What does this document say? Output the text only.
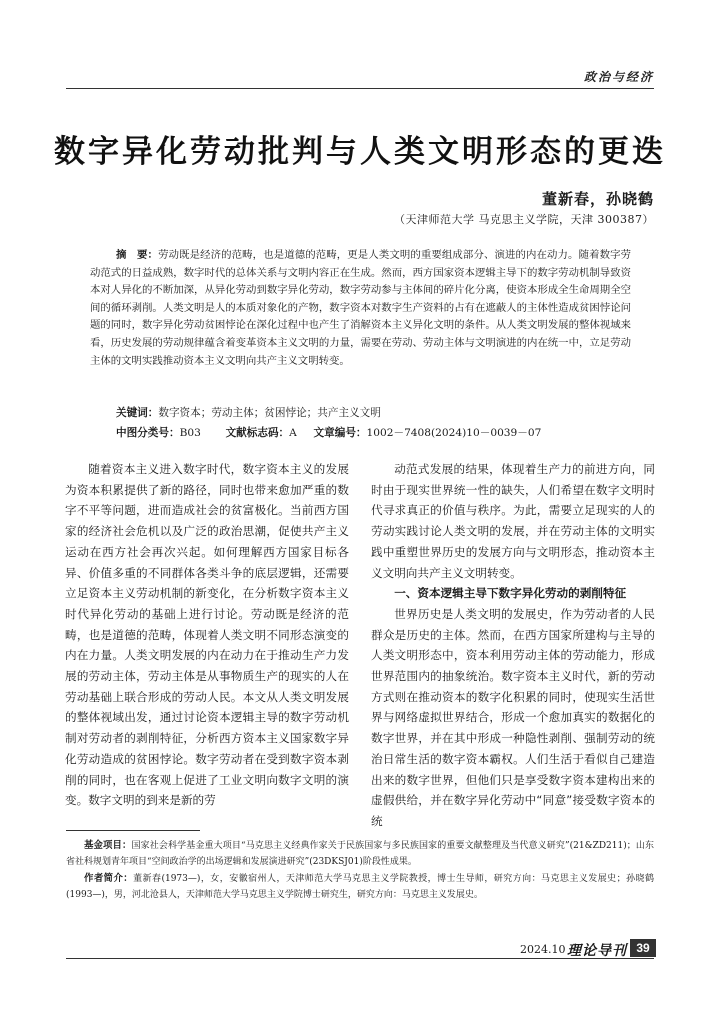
政治与经济
数字异化劳动批判与人类文明形态的更迭
董新春，孙晓鹤
（天津师范大学 马克思主义学院，天津 300387）
摘　要：劳动既是经济的范畴，也是道德的范畴，更是人类文明的重要组成部分、演进的内在动力。随着数字劳动范式的日益成熟，数字时代的总体关系与文明内容正在生成。然而，西方国家资本逻辑主导下的数字劳动机制导致资本对人异化的不断加深，从异化劳动到数字异化劳动，数字劳动参与主体间的碎片化分离，使资本形成全生命周期全空间的循环剥削。人类文明是人的本质对象化的产物，数字资本对数字生产资料的占有在遮蔽人的主体性造成贫困悖论问题的同时，数字异化劳动贫困悖论在深化过程中也产生了消解资本主义异化文明的条件。从人类文明发展的整体视域来看，历史发展的劳动规律蕴含着变革资本主义文明的力量，需要在劳动、劳动主体与文明演进的内在统一中，立足劳动主体的文明实践推动资本主义文明向共产主义文明转变。
关键词：数字资本；劳动主体；贫困悖论；共产主义文明
中图分类号：B03 文献标志码：A 文章编号：1002－7408(2024)10－0039－07

随着资本主义进入数字时代，数字资本主义的发展为资本积累提供了新的路径，同时也带来愈加严重的数字不平等问题，进而造成社会的贫富极化。当前西方国家的经济社会危机以及广泛的政治思潮，促使共产主义运动在西方社会再次兴起。如何理解西方国家目标各异、价值多重的不同群体各类斗争的底层逻辑，还需要立足资本主义劳动机制的新变化，在分析数字资本主义时代异化劳动的基础上进行讨论。劳动既是经济的范畴，也是道德的范畴，体现着人类文明不同形态演变的内在力量。人类文明发展的内在动力在于推动生产力发展的劳动主体，劳动主体是从事物质生产的现实的人在劳动基础上联合形成的劳动人民。本文从人类文明发展的整体视域出发，通过讨论资本逻辑主导的数字劳动机制对劳动者的剥削特征，分析西方资本主义国家数字异化劳动造成的贫困悖论。数字劳动者在受到数字资本剥削的同时，也在客观上促进了工业文明向数字文明的演变。数字文明的到来是新的劳

动范式发展的结果，体现着生产力的前进方向，同时由于现实世界统一性的缺失，人们希望在数字文明时代寻求真正的价值与秩序。为此，需要立足现实的人的劳动实践讨论人类文明的发展，并在劳动主体的文明实践中重塑世界历史的发展方向与文明形态，推动资本主义文明向共产主义文明转变。

一、资本逻辑主导下数字异化劳动的剥削特征

世界历史是人类文明的发展史，作为劳动者的人民群众是历史的主体。然而，在西方国家所建构与主导的人类文明形态中，资本利用劳动主体的劳动能力，形成世界范围内的抽象统治。数字资本主义时代，新的劳动方式则在推动资本的数字化积累的同时，使现实生活世界与网络虚拟世界结合，形成一个愈加真实的数据化的数字世界，并在其中形成一种隐性剥削、强制劳动的统治日常生活的数字资本霸权。人们生活于看似自己建造出来的数字世界，但他们只是享受数字资本建构出来的虚假供给，并在数字异化劳动中“同意”接受数字资本的统

基金项目：国家社会科学基金重大项目“马克思主义经典作家关于民族国家与多民族国家的重要文献整理及当代意义研究”(21&ZD211)；山东省社科规划青年项目“空间政治学的出场逻辑和发展演进研究”(23DKSJ01)阶段性成果。

作者简介：董新春(1973—)，女，安徽宿州人，天津师范大学马克思主义学院教授，博士生导师，研究方向：马克思主义发展史；孙晓鹤(1993—)，男，河北沧县人，天津师范大学马克思主义学院博士研究生，研究方向：马克思主义发展史。

2024.10 理论导刊 39
